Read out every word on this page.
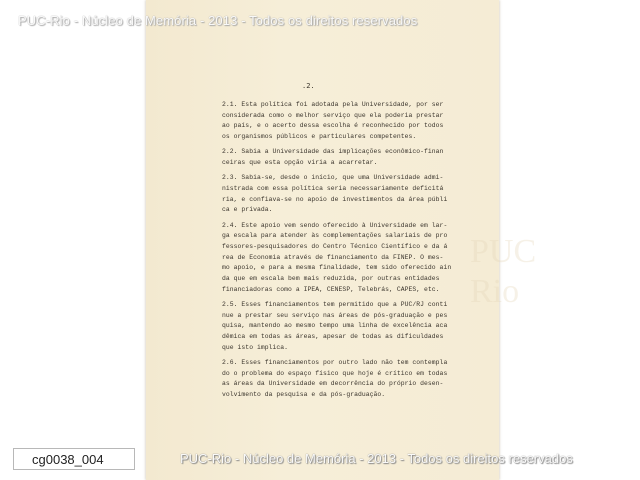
PUC
Rio
PUC-Rio - Núcleo de Memória - 2013 - Todos os direitos reservados
.2.

2.1. Esta política foi adotada pela Universidade, por ser
considerada como o melhor serviço que ela poderia prestar
ao país, e o acerto dessa escolha é reconhecido por todos
os organismos públicos e particulares competentes.

2.2. Sabia a Universidade das implicações econômico-finan
ceiras que esta opção viria a acarretar.

2.3. Sabia-se, desde o início, que uma Universidade admi-
nistrada com essa política seria necessariamente deficitá
ria, e confiava-se no apoio de investimentos da área públi
ca e privada.

2.4. Este apoio vem sendo oferecido à Universidade em lar-
ga escala para atender às complementações salariais de pro
fessores-pesquisadores do Centro Técnico Científico e da á
rea de Economia através de financiamento da FINEP. O mes-
mo apoio, e para a mesma finalidade, tem sido oferecido ain
da que em escala bem mais reduzida, por outras entidades
financiadoras como a IPEA, CENESP, Telebrás, CAPES, etc.

2.5. Esses financiamentos tem permitido que a PUC/RJ conti
nue a prestar seu serviço nas áreas de pós-graduação e pes
quisa, mantendo ao mesmo tempo uma linha de excelência aca
dêmica em todas as áreas, apesar de todas as dificuldades
que isto implica.

2.6. Esses financiamentos por outro lado não tem contempla
do o problema do espaço físico que hoje é crítico em todas
as áreas da Universidade em decorrência do próprio desen-
volvimento da pesquisa e da pós-graduação.

cg0038_004	PUC-Rio - Núcleo de Memória - 2013 - Todos os direitos reservados
